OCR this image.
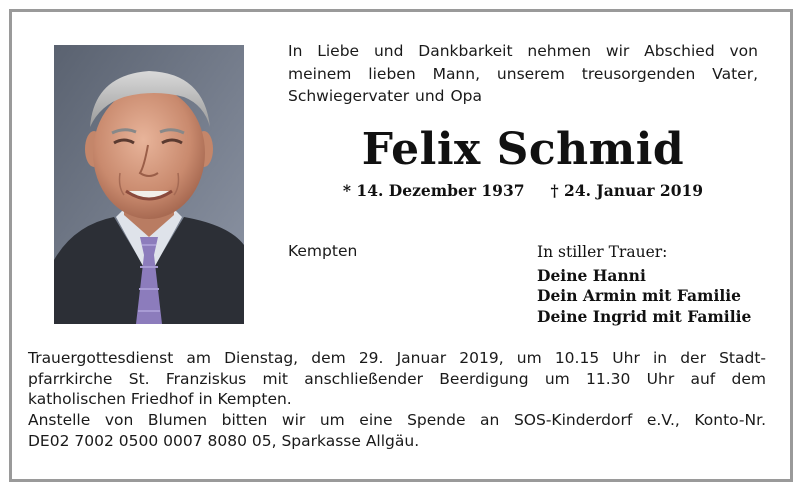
In Liebe und Dankbarkeit nehmen wir Abschied von
meinem lieben Mann, unserem treusorgenden Vater,
Schwiegervater und Opa
Felix Schmid
* 14. Dezember 1937 † 24. Januar 2019
Kempten	In stiller Trauer:
Deine Hanni
Dein Armin mit Familie
Deine Ingrid mit Familie
Trauergottesdienst am Dienstag, dem 29. Januar 2019, um 10.15 Uhr in der Stadt-
pfarrkirche St. Franziskus mit anschließender Beerdigung um 11.30 Uhr auf dem
katholischen Friedhof in Kempten.
Anstelle von Blumen bitten wir um eine Spende an SOS-Kinderdorf e.V., Konto-Nr.
DE02 7002 0500 0007 8080 05, Sparkasse Allgäu.
